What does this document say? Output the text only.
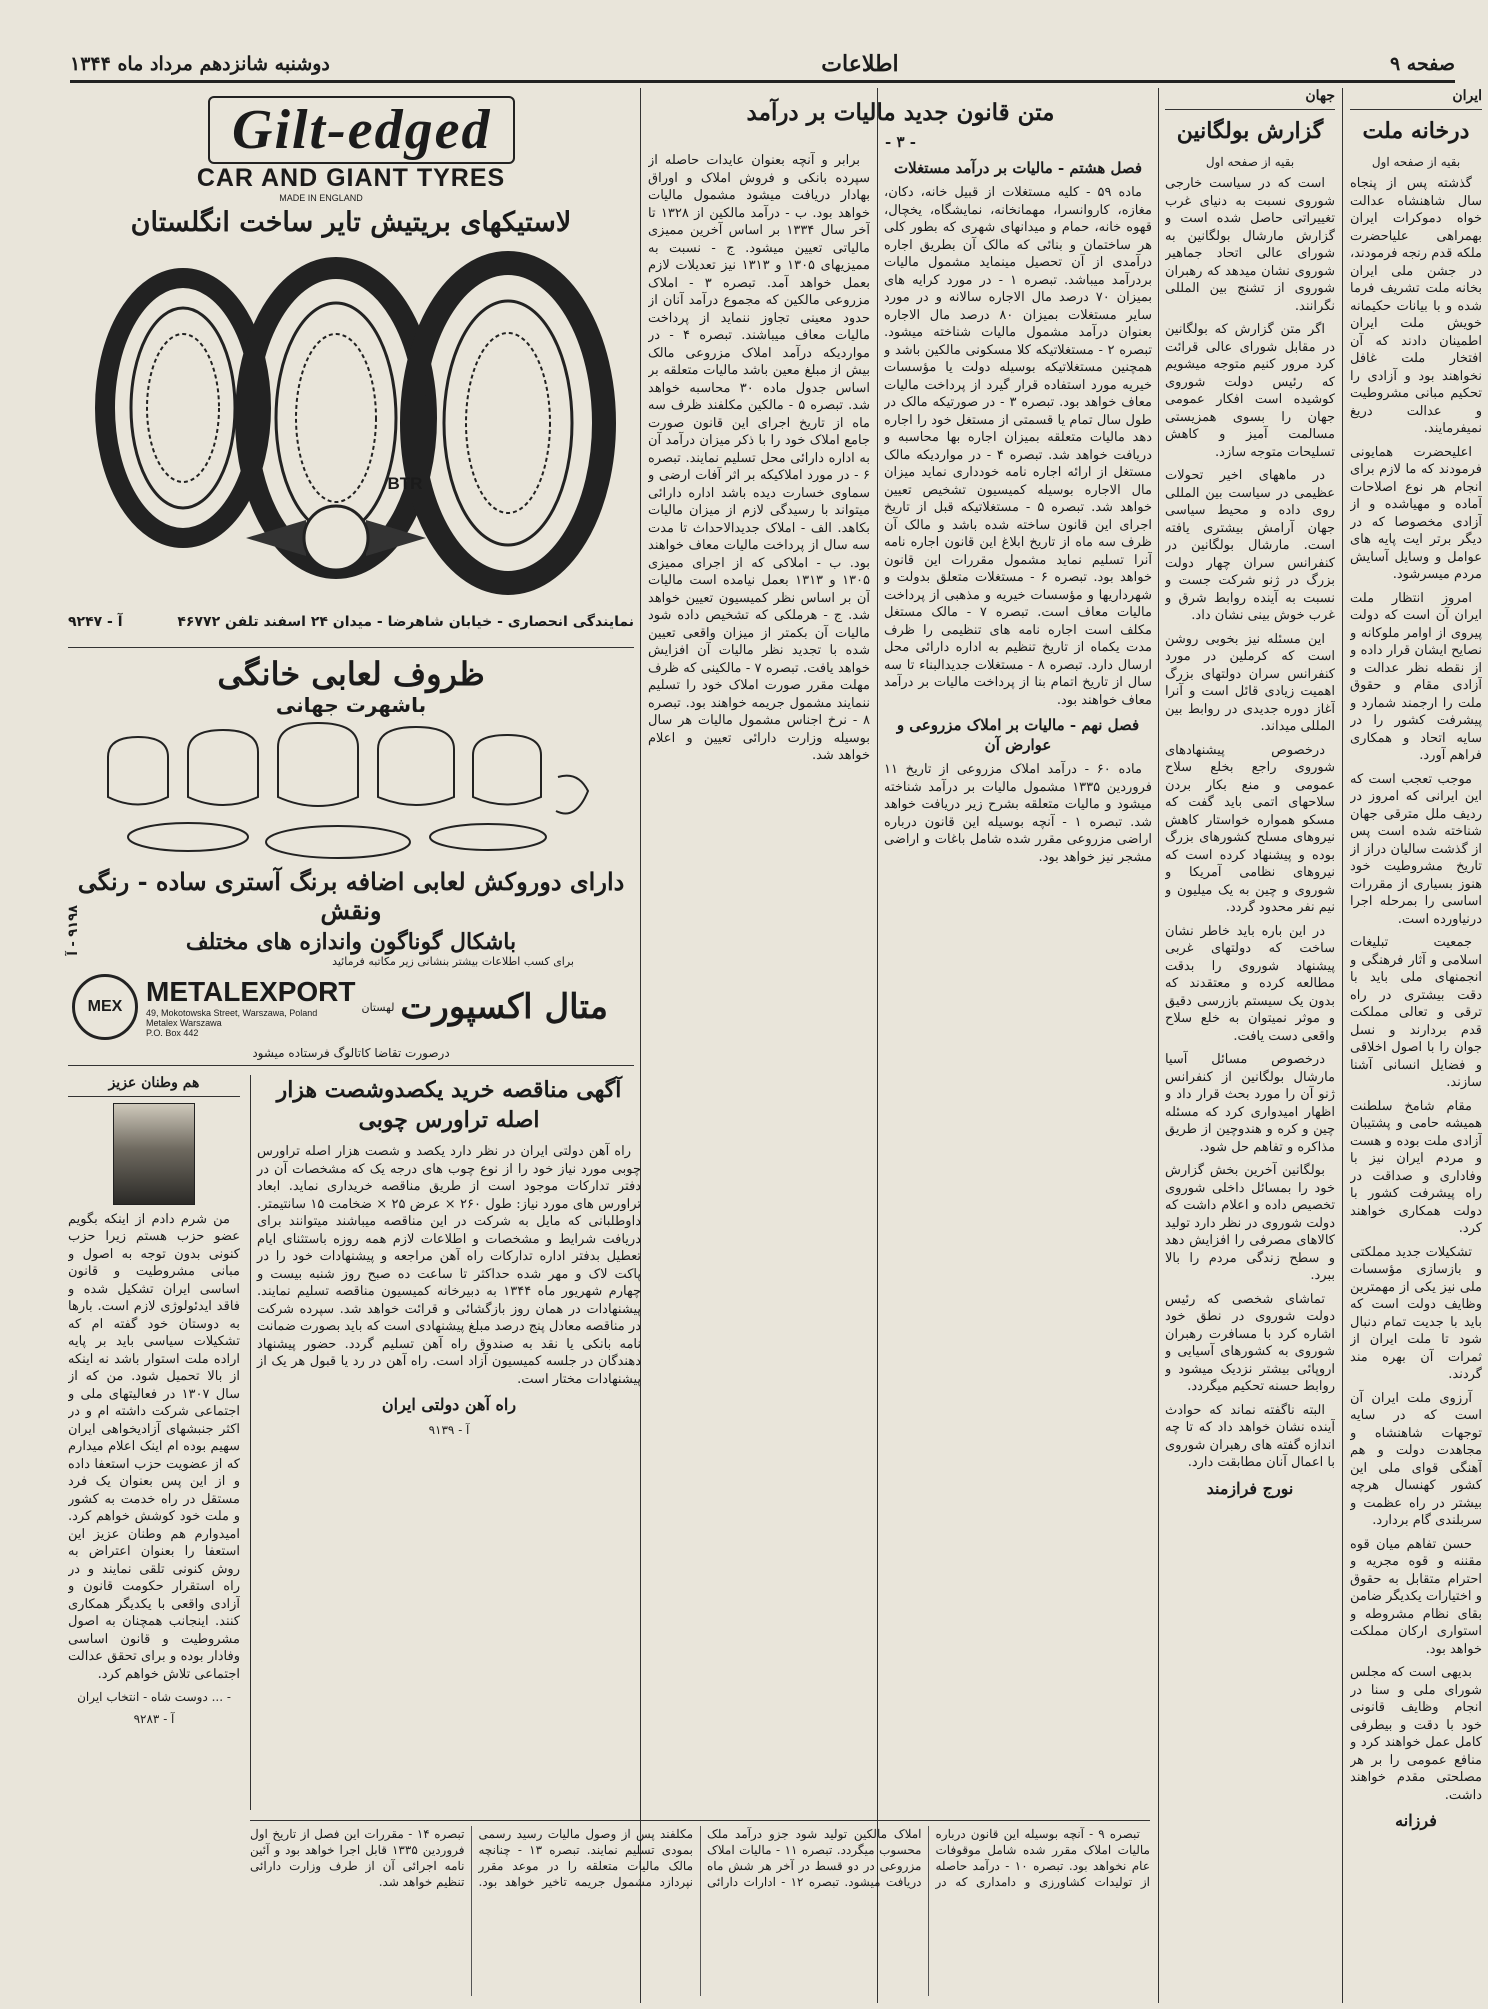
صفحه ۹
اطلاعات
دوشنبه شانزدهم مرداد ماه ۱۳۴۴
ایران
درخانه ملت
بقیه از صفحه اول

گذشته پس از پنجاه سال شاهنشاه عدالت خواه دموکرات ایران بهمراهی علیاحضرت ملکه قدم رنجه فرمودند، در جشن ملی ایران بخانه ملت تشریف فرما شده و با بیانات حکیمانه خویش ملت ایران اطمینان دادند که آن افتخار ملت غافل نخواهند بود و آزادی را تحکیم مبانی مشروطیت و عدالت دریغ نمیفرمایند.

اعلیحضرت همایونی فرمودند که ما لازم برای انجام هر نوع اصلاحات آماده و مهیاشده و از آزادی مخصوصا که در دیگر برتر ایت پایه های عوامل و وسایل آسایش مردم میسرشود.

امروز انتظار ملت ایران آن است که دولت پیروی از اوامر ملوکانه و نصایح ایشان قرار داده و از نقطه نظر عدالت و آزادی مقام و حقوق ملت را ارجمند شمارد و پیشرفت کشور را در سایه اتحاد و همکاری فراهم آورد.

موجب تعجب است که این ایرانی که امروز در ردیف ملل مترقی جهان شناخته شده است پس از گذشت سالیان دراز از تاریخ مشروطیت خود هنوز بسیاری از مقررات اساسی را بمرحله اجرا درنیاورده است.

جمعیت تبلیغات اسلامی و آثار فرهنگی و انجمنهای ملی باید با دقت بیشتری در راه ترقی و تعالی مملکت قدم بردارند و نسل جوان را با اصول اخلاقی و فضایل انسانی آشنا سازند.

مقام شامخ سلطنت همیشه حامی و پشتیبان آزادی ملت بوده و هست و مردم ایران نیز با وفاداری و صداقت در راه پیشرفت کشور با دولت همکاری خواهند کرد.

تشکیلات جدید مملکتی و بازسازی مؤسسات ملی نیز یکی از مهمترین وظایف دولت است که باید با جدیت تمام دنبال شود تا ملت ایران از ثمرات آن بهره مند گردند.

آرزوی ملت ایران آن است که در سایه توجهات شاهنشاه و مجاهدت دولت و هم آهنگی قوای ملی این کشور کهنسال هرچه بیشتر در راه عظمت و سربلندی گام بردارد.

حسن تفاهم میان قوه مقننه و قوه مجریه و احترام متقابل به حقوق و اختیارات یکدیگر ضامن بقای نظام مشروطه و استواری ارکان مملکت خواهد بود.

بدیهی است که مجلس شورای ملی و سنا در انجام وظایف قانونی خود با دقت و بیطرفی کامل عمل خواهند کرد و منافع عمومی را بر هر مصلحتی مقدم خواهند داشت.

فرزانه
جهان
گزارش بولگانین
بقیه از صفحه اول

است که در سیاست خارجی شوروی نسبت به دنیای غرب تغییراتی حاصل شده است و گزارش مارشال بولگانین به شورای عالی اتحاد جماهیر شوروی نشان میدهد که رهبران شوروی از تشنج بین المللی نگرانند.

اگر متن گزارش که بولگانین در مقابل شورای عالی قرائت کرد مرور کنیم متوجه میشویم که رئیس دولت شوروی کوشیده است افکار عمومی جهان را بسوی همزیستی مسالمت آمیز و کاهش تسلیحات متوجه سازد.

در ماههای اخیر تحولات عظیمی در سیاست بین المللی روی داده و محیط سیاسی جهان آرامش بیشتری یافته است. مارشال بولگانین در کنفرانس سران چهار دولت بزرگ در ژنو شرکت جست و نسبت به آینده روابط شرق و غرب خوش بینی نشان داد.

این مسئله نیز بخوبی روشن است که کرملین در مورد کنفرانس سران دولتهای بزرگ اهمیت زیادی قائل است و آنرا آغاز دوره جدیدی در روابط بین المللی میداند.

درخصوص پیشنهادهای شوروی راجع بخلع سلاح عمومی و منع بکار بردن سلاحهای اتمی باید گفت که مسکو همواره خواستار کاهش نیروهای مسلح کشورهای بزرگ بوده و پیشنهاد کرده است که نیروهای نظامی آمریکا و شوروی و چین به یک میلیون و نیم نفر محدود گردد.

در این باره باید خاطر نشان ساخت که دولتهای غربی پیشنهاد شوروی را بدقت مطالعه کرده و معتقدند که بدون یک سیستم بازرسی دقیق و موثر نمیتوان به خلع سلاح واقعی دست یافت.

درخصوص مسائل آسیا مارشال بولگانین از کنفرانس ژنو آن را مورد بحث قرار داد و اظهار امیدواری کرد که مسئله چین و کره و هندوچین از طریق مذاکره و تفاهم حل شود.

بولگانین آخرین بخش گزارش خود را بمسائل داخلی شوروی تخصیص داده و اعلام داشت که دولت شوروی در نظر دارد تولید کالاهای مصرفی را افزایش دهد و سطح زندگی مردم را بالا ببرد.

تماشای شخصی که رئیس دولت شوروی در نطق خود اشاره کرد با مسافرت رهبران شوروی به کشورهای آسیایی و اروپائی بیشتر نزدیک میشود و روابط حسنه تحکیم میگردد.

البته ناگفته نماند که حوادث آینده نشان خواهد داد که تا چه اندازه گفته های رهبران شوروی با اعمال آنان مطابقت دارد.

نورج فرازمند
متن قانون جدید مالیات بر درآمد
- ۳ -
فصل هشتم - مالیات بر درآمد مستغلات

ماده ۵۹ - کلیه مستغلات از قبیل خانه، دکان، مغازه، کاروانسرا، مهمانخانه، نمایشگاه، یخچال، قهوه خانه، حمام و میدانهای شهری که بطور کلی هر ساختمان و بنائی که مالک آن بطریق اجاره درآمدی از آن تحصیل مینماید مشمول مالیات بردرآمد میباشد. تبصره ۱ - در مورد کرایه های بمیزان ۷۰ درصد مال الاجاره سالانه و در مورد سایر مستغلات بمیزان ۸۰ درصد مال الاجاره بعنوان درآمد مشمول مالیات شناخته میشود. تبصره ۲ - مستغلاتیکه کلا مسکونی مالکین باشد و همچنین مستغلاتیکه بوسیله دولت یا مؤسسات خیریه مورد استفاده قرار گیرد از پرداخت مالیات معاف خواهد بود. تبصره ۳ - در صورتیکه مالک در طول سال تمام یا قسمتی از مستغل خود را اجاره دهد مالیات متعلقه بمیزان اجاره بها محاسبه و دریافت خواهد شد. تبصره ۴ - در مواردیکه مالک مستغل از ارائه اجاره نامه خودداری نماید میزان مال الاجاره بوسیله کمیسیون تشخیص تعیین خواهد شد. تبصره ۵ - مستغلاتیکه قبل از تاریخ اجرای این قانون ساخته شده باشد و مالک آن ظرف سه ماه از تاریخ ابلاغ این قانون اجاره نامه آنرا تسلیم نماید مشمول مقررات این قانون خواهد بود. تبصره ۶ - مستغلات متعلق بدولت و شهرداریها و مؤسسات خیریه و مذهبی از پرداخت مالیات معاف است. تبصره ۷ - مالک مستغل مکلف است اجاره نامه های تنظیمی را ظرف مدت یکماه از تاریخ تنظیم به اداره دارائی محل ارسال دارد. تبصره ۸ - مستغلات جدیدالبناء تا سه سال از تاریخ اتمام بنا از پرداخت مالیات بر درآمد معاف خواهند بود.

فصل نهم - مالیات بر املاک مزروعی و عوارض آن

ماده ۶۰ - درآمد املاک مزروعی از تاریخ ۱۱ فروردین ۱۳۳۵ مشمول مالیات بر درآمد شناخته میشود و مالیات متعلقه بشرح زیر دریافت خواهد شد. تبصره ۱ - آنچه بوسیله این قانون درباره اراضی مزروعی مقرر شده شامل باغات و اراضی مشجر نیز خواهد بود.

برابر و آنچه بعنوان عایدات حاصله از سپرده بانکی و فروش املاک و اوراق بهادار دریافت میشود مشمول مالیات خواهد بود. ب - درآمد مالکین از ۱۳۲۸ تا آخر سال ۱۳۳۴ بر اساس آخرین ممیزی مالیاتی تعیین میشود. ج - نسبت به ممیزیهای ۱۳۰۵ و ۱۳۱۳ نیز تعدیلات لازم بعمل خواهد آمد. تبصره ۳ - املاک مزروعی مالکین که مجموع درآمد آنان از حدود معینی تجاوز ننماید از پرداخت مالیات معاف میباشند. تبصره ۴ - در مواردیکه درآمد املاک مزروعی مالک بیش از مبلغ معین باشد مالیات متعلقه بر اساس جدول ماده ۳۰ محاسبه خواهد شد. تبصره ۵ - مالکین مکلفند ظرف سه ماه از تاریخ اجرای این قانون صورت جامع املاک خود را با ذکر میزان درآمد آن به اداره دارائی محل تسلیم نمایند. تبصره ۶ - در مورد املاکیکه بر اثر آفات ارضی و سماوی خسارت دیده باشد اداره دارائی میتواند با رسیدگی لازم از میزان مالیات بکاهد. الف - املاک جدیدالاحداث تا مدت سه سال از پرداخت مالیات معاف خواهند بود. ب - املاکی که از اجرای ممیزی ۱۳۰۵ و ۱۳۱۳ بعمل نیامده است مالیات آن بر اساس نظر کمیسیون تعیین خواهد شد. ج - هرملکی که تشخیص داده شود مالیات آن بکمتر از میزان واقعی تعیین شده با تجدید نظر مالیات آن افزایش خواهد یافت. تبصره ۷ - مالکینی که ظرف مهلت مقرر صورت املاک خود را تسلیم ننمایند مشمول جریمه خواهند بود. تبصره ۸ - نرخ اجناس مشمول مالیات هر سال بوسیله وزارت دارائی تعیین و اعلام خواهد شد.

تبصره ۹ - آنچه بوسیله این قانون درباره مالیات املاک مقرر شده شامل موقوفات عام نخواهد بود. تبصره ۱۰ - درآمد حاصله از تولیدات کشاورزی و دامداری که در املاک مالکین تولید شود جزو درآمد ملک محسوب میگردد. تبصره ۱۱ - مالیات املاک مزروعی در دو قسط در آخر هر شش ماه دریافت میشود. تبصره ۱۲ - ادارات دارائی مکلفند پس از وصول مالیات رسید رسمی بمودی تسلیم نمایند. تبصره ۱۳ - چنانچه مالک مالیات متعلقه را در موعد مقرر نپردازد مشمول جریمه تاخیر خواهد بود. تبصره ۱۴ - مقررات این فصل از تاریخ اول فروردین ۱۳۳۵ قابل اجرا خواهد بود و آئین نامه اجرائی آن از طرف وزارت دارائی تنظیم خواهد شد.

Gilt-edged
CAR AND GIANT TYRES
MADE IN ENGLAND
لاستیکهای بریتیش تایر ساخت انگلستان
BTR
نمایندگی انحصاری - خیابان شاهرضا - میدان ۲۴ اسفند تلفن ۴۶۷۷۲
آ - ۹۲۴۷
ظروف لعابی خانگی
باشهرت جهانی
دارای دوروکش لعابی اضافه برنگ آستری ساده - رنگی ونقش
باشکال گوناگون واندازه های مختلف
برای کسب اطلاعات بیشتر بنشانی زیر مکاتبه فرمائید
MEX METALEXPORT
49, Mokotowska Street, Warszawa, Poland
Metalex Warszawa
P.O. Box 442
لهستان متال اکسپورت
درصورت تقاضا کاتالوگ فرستاده میشود
۹۱۹۸ - آ
آگهی مناقصه خرید یکصدوشصت هزار اصله تراورس چوبی

راه آهن دولتی ایران در نظر دارد یکصد و شصت هزار اصله تراورس چوبی مورد نیاز خود را از نوع چوب های درجه یک که مشخصات آن در دفتر تدارکات موجود است از طریق مناقصه خریداری نماید. ابعاد تراورس های مورد نیاز: طول ۲۶۰ × عرض ۲۵ × ضخامت ۱۵ سانتیمتر. داوطلبانی که مایل به شرکت در این مناقصه میباشند میتوانند برای دریافت شرایط و مشخصات و اطلاعات لازم همه روزه باستثنای ایام تعطیل بدفتر اداره تدارکات راه آهن مراجعه و پیشنهادات خود را در پاکت لاک و مهر شده حداکثر تا ساعت ده صبح روز شنبه بیست و چهارم شهریور ماه ۱۳۴۴ به دبیرخانه کمیسیون مناقصه تسلیم نمایند. پیشنهادات در همان روز بازگشائی و قرائت خواهد شد. سپرده شرکت در مناقصه معادل پنج درصد مبلغ پیشنهادی است که باید بصورت ضمانت نامه بانکی یا نقد به صندوق راه آهن تسلیم گردد. حضور پیشنهاد دهندگان در جلسه کمیسیون آزاد است. راه آهن در رد یا قبول هر یک از پیشنهادات مختار است.

راه آهن دولتی ایران
آ - ۹۱۳۹
هم وطنان عزیز

من شرم دادم از اینکه بگویم عضو حزب هستم زیرا حزب کنونی بدون توجه به اصول و مبانی مشروطیت و قانون اساسی ایران تشکیل شده و فاقد ایدئولوژی لازم است. بارها به دوستان خود گفته ام که تشکیلات سیاسی باید بر پایه اراده ملت استوار باشد نه اینکه از بالا تحمیل شود. من که از سال ۱۳۰۷ در فعالیتهای ملی و اجتماعی شرکت داشته ام و در اکثر جنبشهای آزادیخواهی ایران سهیم بوده ام اینک اعلام میدارم که از عضویت حزب استعفا داده و از این پس بعنوان یک فرد مستقل در راه خدمت به کشور و ملت خود کوشش خواهم کرد. امیدوارم هم وطنان عزیز این استعفا را بعنوان اعتراض به روش کنونی تلقی نمایند و در راه استقرار حکومت قانون و آزادی واقعی با یکدیگر همکاری کنند. اینجانب همچنان به اصول مشروطیت و قانون اساسی وفادار بوده و برای تحقق عدالت اجتماعی تلاش خواهم کرد.

- ... دوست شاه - انتخاب ایران
آ - ۹۲۸۳
